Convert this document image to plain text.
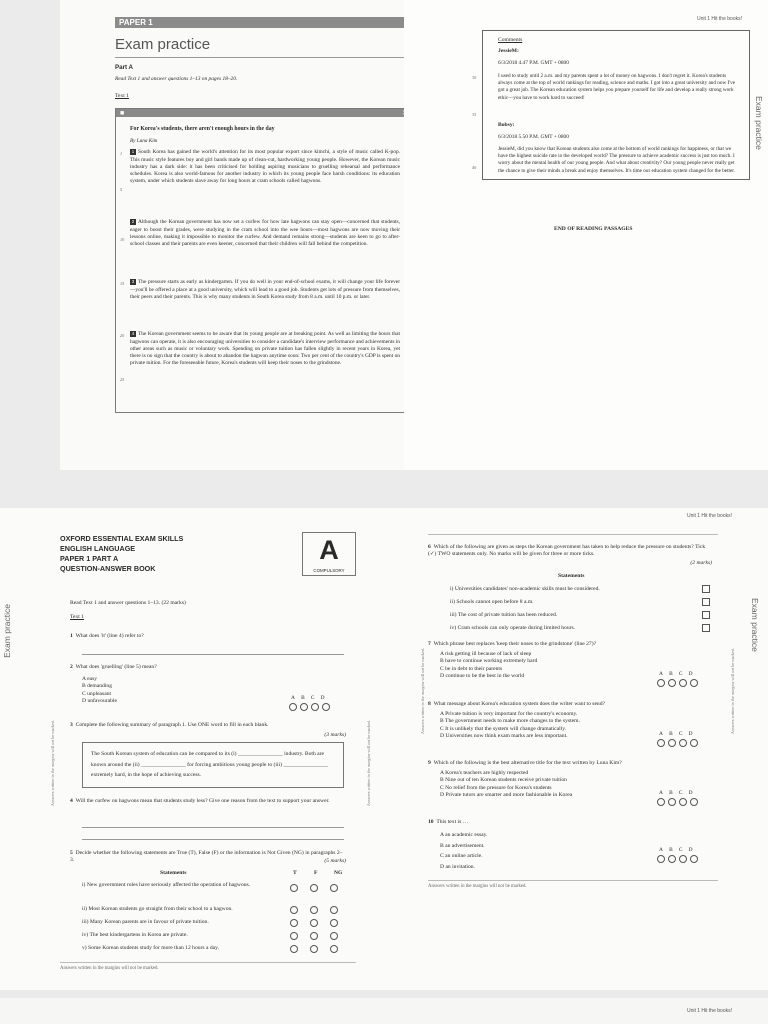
PAPER 1
Exam practice
Part A
Read Text 1 and answer questions 1–13 on pages 18–20.
Text 1
■
For Korea's students, there aren't enough hours in the day
By Luna Kim
1 South Korea has gained the world's attention for its most popular export since kimchi, a style of music called K-pop. This music style features boy and girl bands made up of clean-cut, hardworking young people. However, the Korean music industry has a dark side: it has been criticised for holding aspiring musicians to gruelling rehearsal and performance schedules. Korea is also world-famous for another industry in which its young people face harsh conditions: its education system, under which students slave away for long hours at cram schools called hagwons.
2 Although the Korean government has now set a curfew for how late hagwons can stay open—concerned that students, eager to boost their grades, were studying in the cram school into the wee hours—most hagwons are now moving their lessons online, making it impossible to monitor the curfew. And demand remains strong—students are keen to go to after-school classes and their parents are even keener, concerned that their children will fall behind the competition.
3 The pressure starts as early as kindergarten. If you do well in your end-of-school exams, it will change your life forever—you'll be offered a place at a good university, which will lead to a good job. Students get lots of pressure from themselves, their peers and their parents. This is why many students in South Korea study from 8 a.m. until 10 p.m. or later.
4 The Korean government seems to be aware that its young people are at breaking point. As well as limiting the hours that hagwons can operate, it is also encouraging universities to consider a candidate's interview performance and achievements in other areas such as music or voluntary work. Spending on private tuition has fallen slightly in recent years in Korea, yet there is no sign that the country is about to abandon the hagwon anytime soon: Two per cent of the country's GDP is spent on private tuition. For the foreseeable future, Korea's students will keep their noses to the grindstone.
1
5
10
15
20
25
Unit 1 Hit the books!
Comments
JessieM:
6/3/2018 4.47 P.M. GMT + 0800
I used to study until 2 a.m. and my parents spent a lot of money on hagwons. I don't regret it. Korea's students always come at the top of world rankings for reading, science and maths. I got into a great university and now I've got a great job. The Korean education system helps you prepare yourself for life and develop a really strong work ethic—you have to work hard to succeed!
Bobsy:
6/3/2018 5.50 P.M. GMT + 0800
JessieM, did you know that Korean students also come at the bottom of world rankings for happiness, or that we have the highest suicide rate in the developed world? The pressure to achieve academic success is just too much. I worry about the mental health of our young people. And what about creativity? Our young people never really get the chance to give their minds a break and enjoy themselves. It's time our education system changed for the better.
30
35
40
END OF READING PASSAGES
Exam practice
OXFORD ESSENTIAL EXAM SKILLS
ENGLISH LANGUAGE
PAPER 1 PART A
QUESTION-ANSWER BOOK
A
COMPULSORY
Exam practice
Answers written in the margins will not be marked.	Answers written in the margins will not be marked.
Read Text 1 and answer questions 1–13. (22 marks)
Text 1
1 What does 'it' (line 4) refer to?
2 What does 'gruelling' (line 5) mean?
A easy
B demanding
C unpleasant
D unfavourable
ABCD
3 Complete the following summary of paragraph 1. Use ONE word to fill in each blank.
(3 marks)
The South Korean system of education can be compared to its (i) ________________ industry. Both are known around the (ii) ________________ for forcing ambitious young people to (iii) ________________ extremely hard, in the hope of achieving success.
4 Will the curfew on hagwons mean that students study less? Give one reason from the text to support your answer.
5 Decide whether the following statements are True (T), False (F) or the information is Not Given (NG) in paragraphs 2–3.	(5 marks)
Statements	T	F	NG
i) New government rules have seriously affected the operation of hagwons.
ii) Most Korean students go straight from their school to a hagwon.
iii) Many Korean parents are in favour of private tuition.
iv) The best kindergartens in Korea are private.
v) Some Korean students study for more than 12 hours a day.
Answers written in the margins will not be marked.
Unit 1 Hit the books!
Exam practice
Answers written in the margins will not be marked.	Answers written in the margins will not be marked.
6 Which of the following are given as steps the Korean government has taken to help reduce the pressure on students? Tick (✓) TWO statements only. No marks will be given for three or more ticks.
(2 marks)
Statements
i) Universities candidates' non-academic skills must be considered.
ii) Schools cannot open before 8 a.m.
iii) The cost of private tuition has been reduced.
iv) Cram schools can only operate during limited hours.
7 Which phrase best replaces 'keep their noses to the grindstone' (line 27)?
A risk getting ill because of lack of sleep
B have to continue working extremely hard
C be in debt to their parents
D continue to be the best in the world	ABCD
8 What message about Korea's education system does the writer want to send?
A Private tuition is very important for the country's economy.
B The government needs to make more changes to the system.
C It is unlikely that the system will change dramatically.
D Universities now think exam marks are less important.	ABCD
9 Which of the following is the best alternative title for the text written by Luna Kim?
A Korea's teachers are highly respected
B Nine out of ten Korean students receive private tuition
C No relief from the pressure for Korea's students
D Private tutors are smarter and more fashionable in Korea	ABCD
10 This text is …
A an academic essay.
B an advertisement.
C an online article.
D an invitation.
ABCD
Answers written in the margins will not be marked.
Unit 1 Hit the books!
